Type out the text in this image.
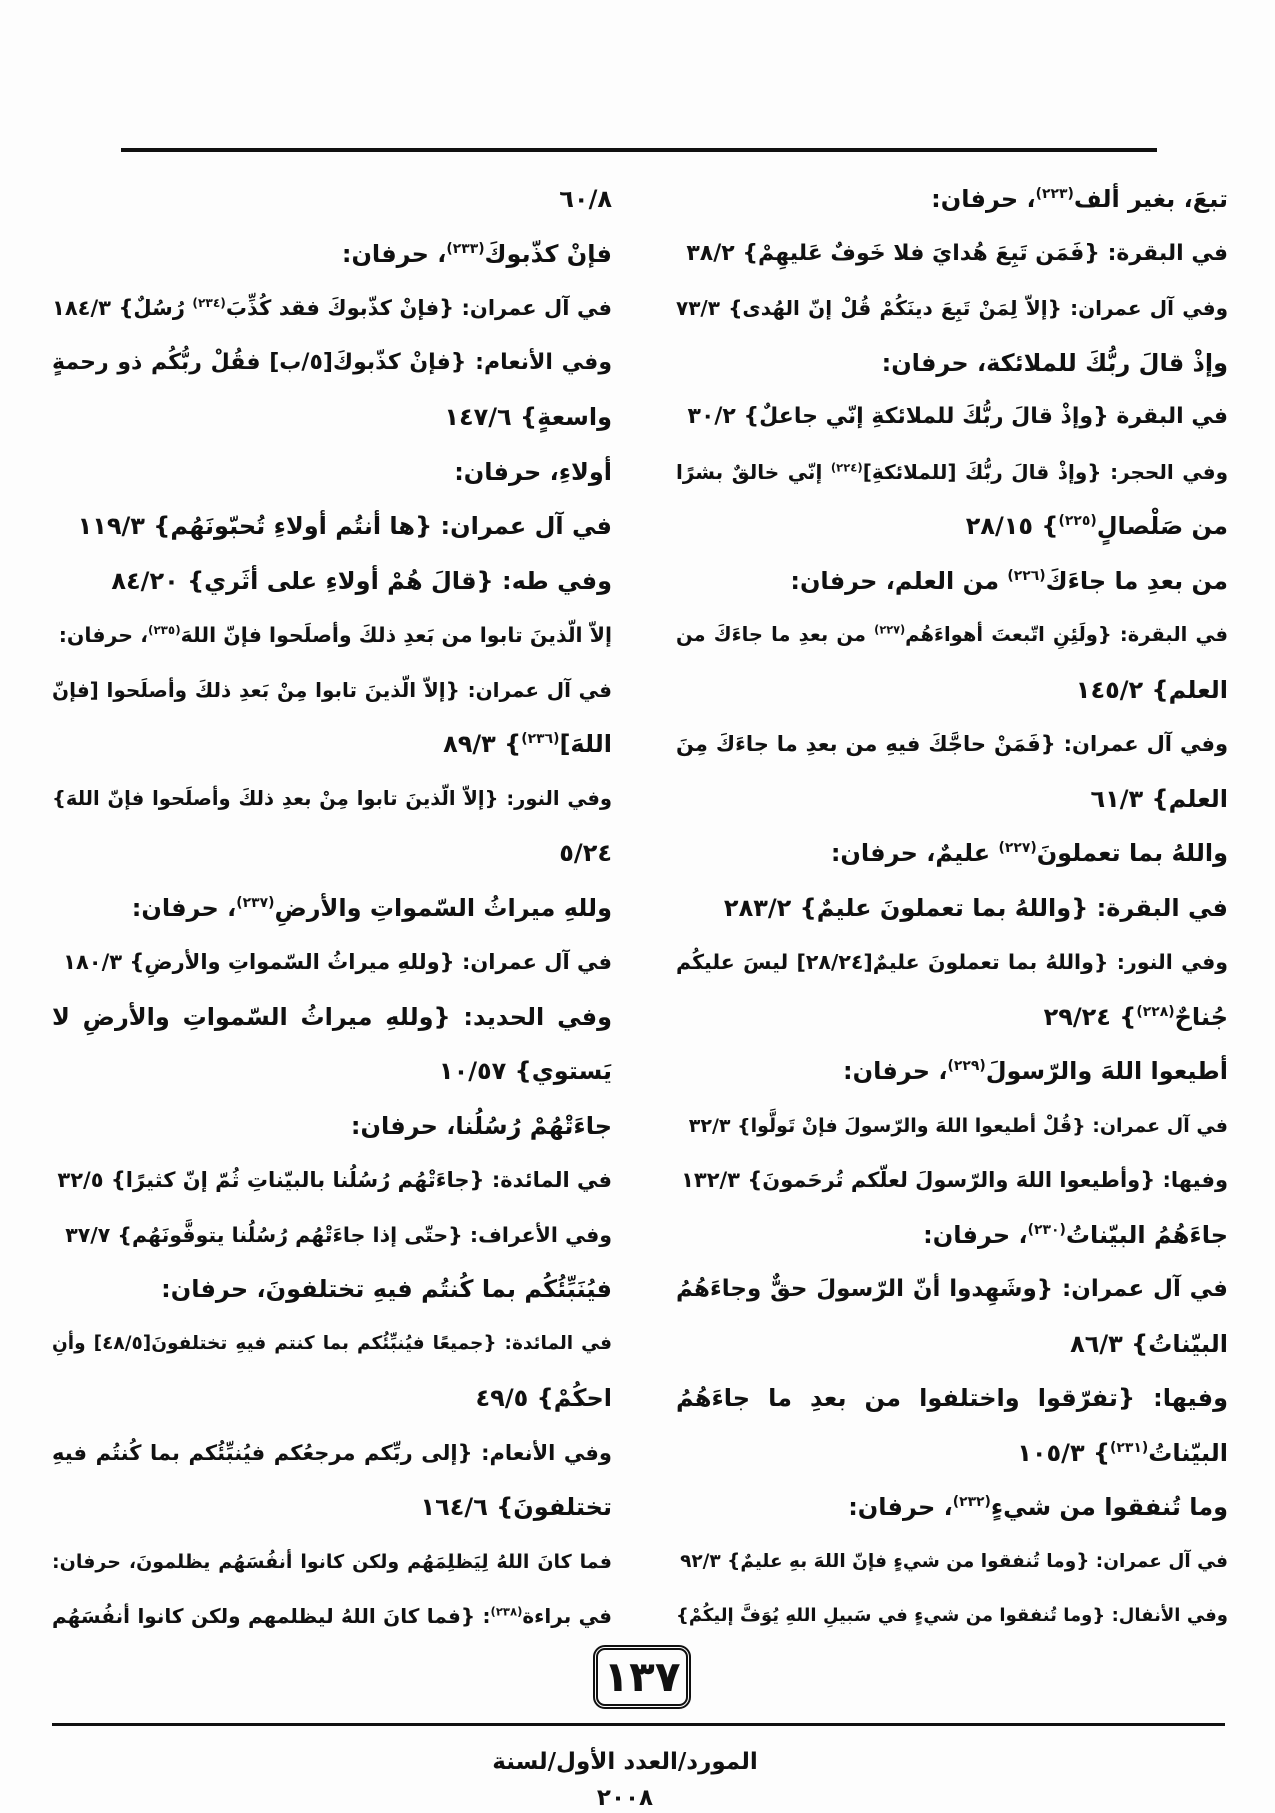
تبعَ، بغير ألف$^{(٢٢٣)}$، حرفان:
في البقرة: {فَمَن تَبِعَ هُدايَ فلا خَوفٌ عَليهِمْ} ٣٨/٢
وفي آل عمران: {إلاّ لِمَنْ تَبِعَ دينَكُمْ قُلْ إنّ الهُدى} ٧٣/٣
وإذْ قالَ ربُّكَ للملائكة، حرفان:
في البقرة {وإذْ قالَ ربُّكَ للملائكةِ إنّي جاعلٌ} ٣٠/٢
وفي الحجر: {وإذْ قالَ ربُّكَ [للملائكةِ]$^{(٢٢٤)}$ إنّي خالقٌ بشرًا
من صَلْصالٍ$^{(٢٢٥)}$} ٢٨/١٥
من بعدِ ما جاءَكَ$^{(٢٢٦)}$ من العلم، حرفان:
في البقرة: {ولَئِنِ اتّبعتَ أهواءَهُم$^{(٢٢٧)}$ من بعدِ ما جاءَكَ من
العلم} ١٤٥/٢
وفي آل عمران: {فَمَنْ حاجَّكَ فيهِ من بعدِ ما جاءَكَ مِنَ
العلم} ٦١/٣
واللهُ بما تعملونَ$^{(٢٢٧)}$ عليمٌ، حرفان:
في البقرة: {واللهُ بما تعملونَ عليمٌ} ٢٨٣/٢
وفي النور: {واللهُ بما تعملونَ عليمٌ[٢٨/٢٤] ليسَ عليكُم
جُناحٌ$^{(٢٢٨)}$} ٢٩/٢٤
أطيعوا اللهَ والرّسولَ$^{(٢٢٩)}$، حرفان:
في آل عمران: {قُلْ أطيعوا اللهَ والرّسولَ فإنْ تَولَّوا} ٣٢/٣
وفيها: {وأطيعوا اللهَ والرّسولَ لعلّكم تُرحَمونَ} ١٣٢/٣
جاءَهُمُ البيّناتُ$^{(٢٣٠)}$، حرفان:
في آل عمران: {وشَهِدوا أنّ الرّسولَ حقٌّ وجاءَهُمُ
البيّناتُ} ٨٦/٣
وفيها: {تفرّقوا واختلفوا من بعدِ ما جاءَهُمُ
البيّناتُ$^{(٢٣١)}$} ١٠٥/٣
وما تُنفقوا من شيءٍ$^{(٢٣٢)}$، حرفان:
في آل عمران: {وما تُنفقوا من شيءٍ فإنّ اللهَ بهِ عليمٌ} ٩٢/٣
وفي الأنفال: {وما تُنفقوا من شيءٍ في سَبيلِ اللهِ يُوَفَّ إليكُمْ}
٦٠/٨
فإنْ كذّبوكَ$^{(٢٣٣)}$، حرفان:
في آل عمران: {فإنْ كذّبوكَ فقد كُذِّبَ$^{(٢٣٤)}$ رُسُلٌ} ١٨٤/٣
وفي الأنعام: {فإنْ كذّبوكَ[٥/ب] فقُلْ ربُّكُم ذو رحمةٍ
واسعةٍ} ١٤٧/٦
أولاءِ، حرفان:
في آل عمران: {ها أنتُم أولاءِ تُحبّونَهُم} ١١٩/٣
وفي طه: {قالَ هُمْ أولاءِ على أثَري} ٨٤/٢٠
إلاّ الّذينَ تابوا من بَعدِ ذلكَ وأصلَحوا فإنّ اللهَ$^{(٢٣٥)}$، حرفان:
في آل عمران: {إلاّ الّذينَ تابوا مِنْ بَعدِ ذلكَ وأصلَحوا [فإنّ
اللهَ]$^{(٢٣٦)}$} ٨٩/٣
وفي النور: {إلاّ الّذينَ تابوا مِنْ بعدِ ذلكَ وأصلَحوا فإنّ اللهَ}
٥/٢٤
وللهِ ميراثُ السّمواتِ والأرضِ$^{(٢٣٧)}$، حرفان:
في آل عمران: {وللهِ ميراثُ السّمواتِ والأرضِ} ١٨٠/٣
وفي الحديد: {وللهِ ميراثُ السّمواتِ والأرضِ لا
يَستوي} ١٠/٥٧
جاءَتْهُمْ رُسُلُنا، حرفان:
في المائدة: {جاءَتْهُم رُسُلُنا بالبيّناتِ ثُمّ إنّ كثيرًا} ٣٢/٥
وفي الأعراف: {حتّى إذا جاءَتْهُم رُسُلُنا يتوفَّونَهُم} ٣٧/٧
فيُنَبِّئُكُم بما كُنتُم فيهِ تختلفونَ، حرفان:
في المائدة: {جميعًا فيُنبِّئُكم بما كنتم فيهِ تختلفونَ[٤٨/٥] وأنِ
احكُمْ} ٤٩/٥
وفي الأنعام: {إلى ربِّكم مرجعُكم فيُنبِّئُكم بما كُنتُم فيهِ
تختلفونَ} ١٦٤/٦
فما كانَ اللهُ لِيَظلِمَهُم ولكن كانوا أنفُسَهُم يظلمونَ، حرفان:
في براءة$^{(٢٣٨)}$: {فما كانَ اللهُ ليظلمهم ولكن كانوا أنفُسَهُم
١٣٧
المورد/العدد الأول/لسنة ٢٠٠٨
